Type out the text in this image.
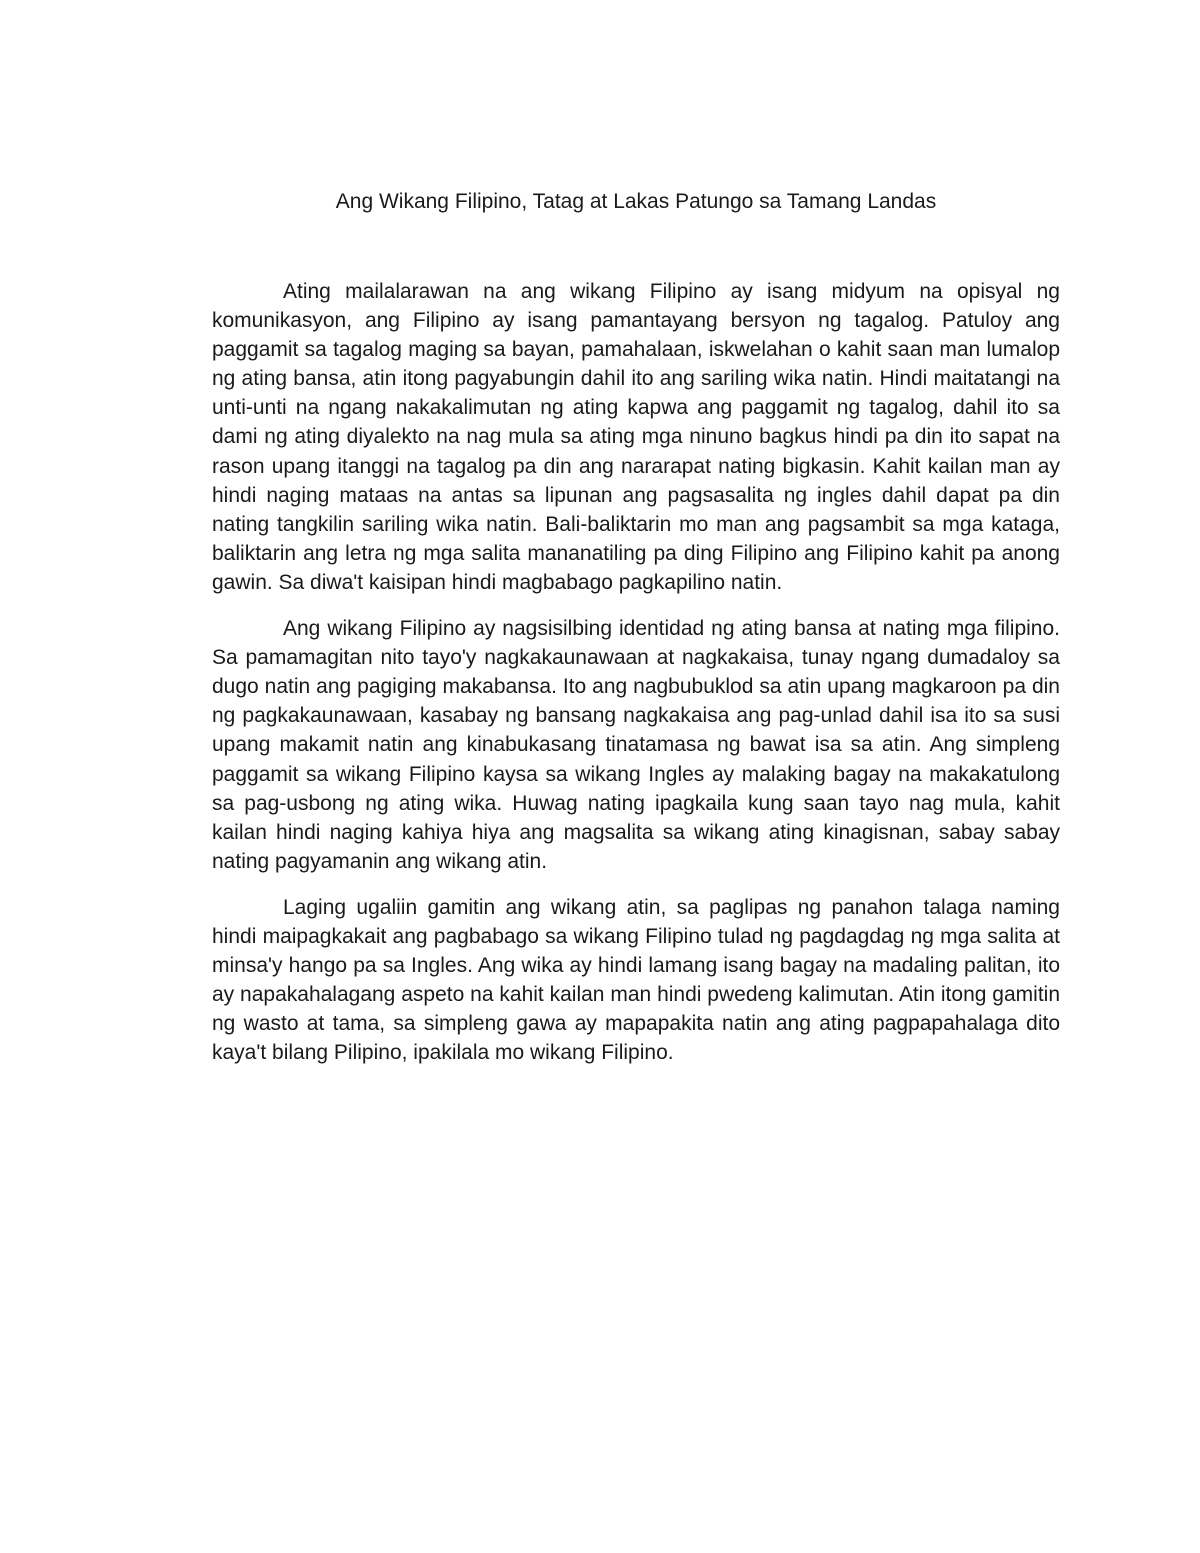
Ang Wikang Filipino, Tatag at Lakas Patungo sa Tamang Landas

Ating mailalarawan na ang wikang Filipino ay isang midyum na opisyal ng komunikasyon, ang Filipino ay isang pamantayang bersyon ng tagalog. Patuloy ang paggamit sa tagalog maging sa bayan, pamahalaan, iskwelahan o kahit saan man lumalop ng ating bansa, atin itong pagyabungin dahil ito ang sariling wika natin. Hindi maitatangi na unti-unti na ngang nakakalimutan ng ating kapwa ang paggamit ng tagalog, dahil ito sa dami ng ating diyalekto na nag mula sa ating mga ninuno bagkus hindi pa din ito sapat na rason upang itanggi na tagalog pa din ang nararapat nating bigkasin. Kahit kailan man ay hindi naging mataas na antas sa lipunan ang pagsasalita ng ingles dahil dapat pa din nating tangkilin sariling wika natin. Bali-baliktarin mo man ang pagsambit sa mga kataga, baliktarin ang letra ng mga salita mananatiling pa ding Filipino ang Filipino kahit pa anong gawin. Sa diwa't kaisipan hindi magbabago pagkapilino natin.

Ang wikang Filipino ay nagsisilbing identidad ng ating bansa at nating mga filipino. Sa pamamagitan nito tayo'y nagkakaunawaan at nagkakaisa, tunay ngang dumadaloy sa dugo natin ang pagiging makabansa. Ito ang nagbubuklod sa atin upang magkaroon pa din ng pagkakaunawaan, kasabay ng bansang nagkakaisa ang pag-unlad dahil isa ito sa susi upang makamit natin ang kinabukasang tinatamasa ng bawat isa sa atin. Ang simpleng paggamit sa wikang Filipino kaysa sa wikang Ingles ay malaking bagay na makakatulong sa pag-usbong ng ating wika. Huwag nating ipagkaila kung saan tayo nag mula, kahit kailan hindi naging kahiya hiya ang magsalita sa wikang ating kinagisnan, sabay sabay nating pagyamanin ang wikang atin.

Laging ugaliin gamitin ang wikang atin, sa paglipas ng panahon talaga naming hindi maipagkakait ang pagbabago sa wikang Filipino tulad ng pagdagdag ng mga salita at minsa'y hango pa sa Ingles. Ang wika ay hindi lamang isang bagay na madaling palitan, ito ay napakahalagang aspeto na kahit kailan man hindi pwedeng kalimutan. Atin itong gamitin ng wasto at tama, sa simpleng gawa ay mapapakita natin ang ating pagpapahalaga dito kaya't bilang Pilipino, ipakilala mo wikang Filipino.
